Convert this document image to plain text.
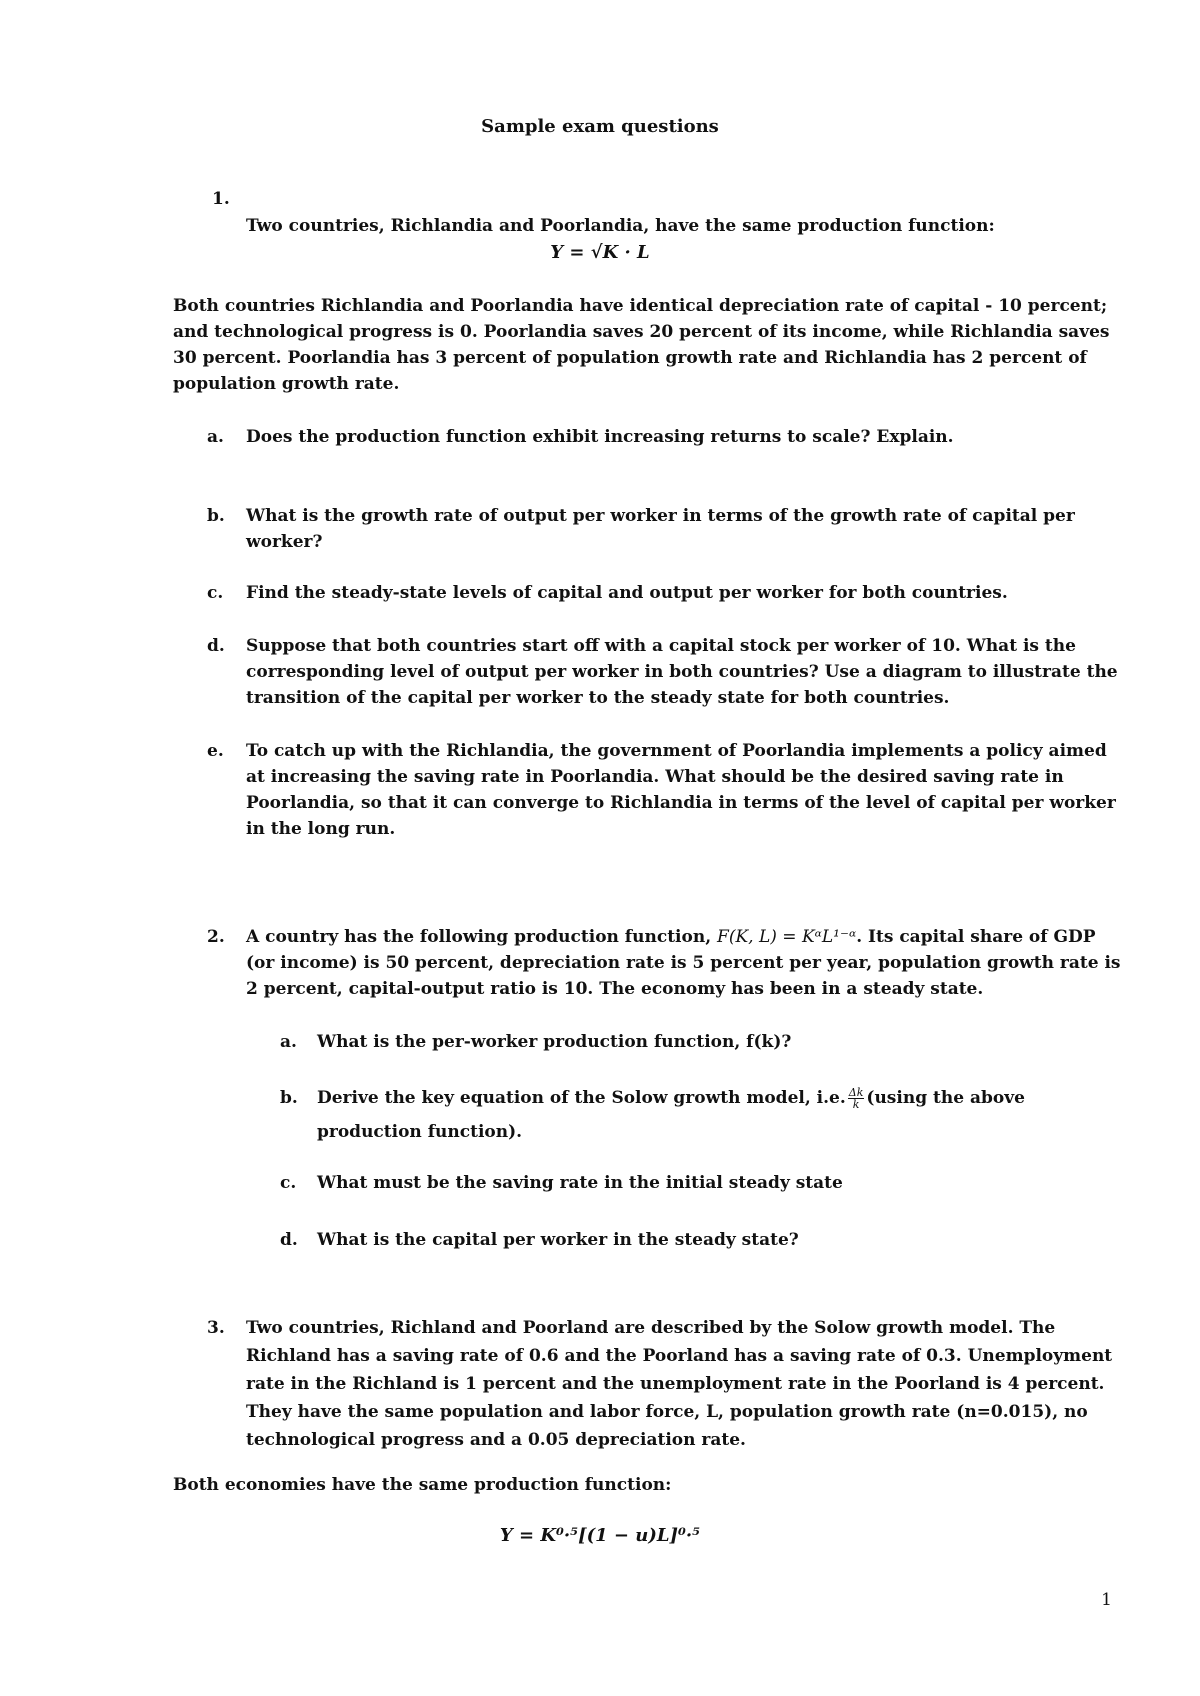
Sample exam questions
1.
Two countries, Richlandia and Poorlandia, have the same production function:
Y = √K · L
Both countries Richlandia and Poorlandia have identical depreciation rate of capital - 10 percent;
and technological progress is 0. Poorlandia saves 20 percent of its income, while Richlandia saves
30 percent. Poorlandia has 3 percent of population growth rate and Richlandia has 2 percent of
population growth rate.
a. Does the production function exhibit increasing returns to scale? Explain.
b. What is the growth rate of output per worker in terms of the growth rate of capital per
worker?
c. Find the steady-state levels of capital and output per worker for both countries.
d. Suppose that both countries start off with a capital stock per worker of 10. What is the
corresponding level of output per worker in both countries? Use a diagram to illustrate the
transition of the capital per worker to the steady state for both countries.
e. To catch up with the Richlandia, the government of Poorlandia implements a policy aimed
at increasing the saving rate in Poorlandia. What should be the desired saving rate in
Poorlandia, so that it can converge to Richlandia in terms of the level of capital per worker
in the long run.
2. A country has the following production function, F(K, L) = KᵅL¹⁻ᵅ. Its capital share of GDP
(or income) is 50 percent, depreciation rate is 5 percent per year, population growth rate is
2 percent, capital-output ratio is 10. The economy has been in a steady state.
a. What is the per-worker production function, f(k)?
b. Derive the key equation of the Solow growth model, i.e. $\frac{\Delta k}{k} (using$ the above
production function).
c. What must be the saving rate in the initial steady state
d. What is the capital per worker in the steady state?
3. Two countries, Richland and Poorland are described by the Solow growth model. The
Richland has a saving rate of 0.6 and the Poorland has a saving rate of 0.3. Unemployment
rate in the Richland is 1 percent and the unemployment rate in the Poorland is 4 percent.
They have the same population and labor force, L, population growth rate (n=0.015), no
technological progress and a 0.05 depreciation rate.
Both economies have the same production function:
Y = K⁰·⁵[(1 − u)L]⁰·⁵
1
